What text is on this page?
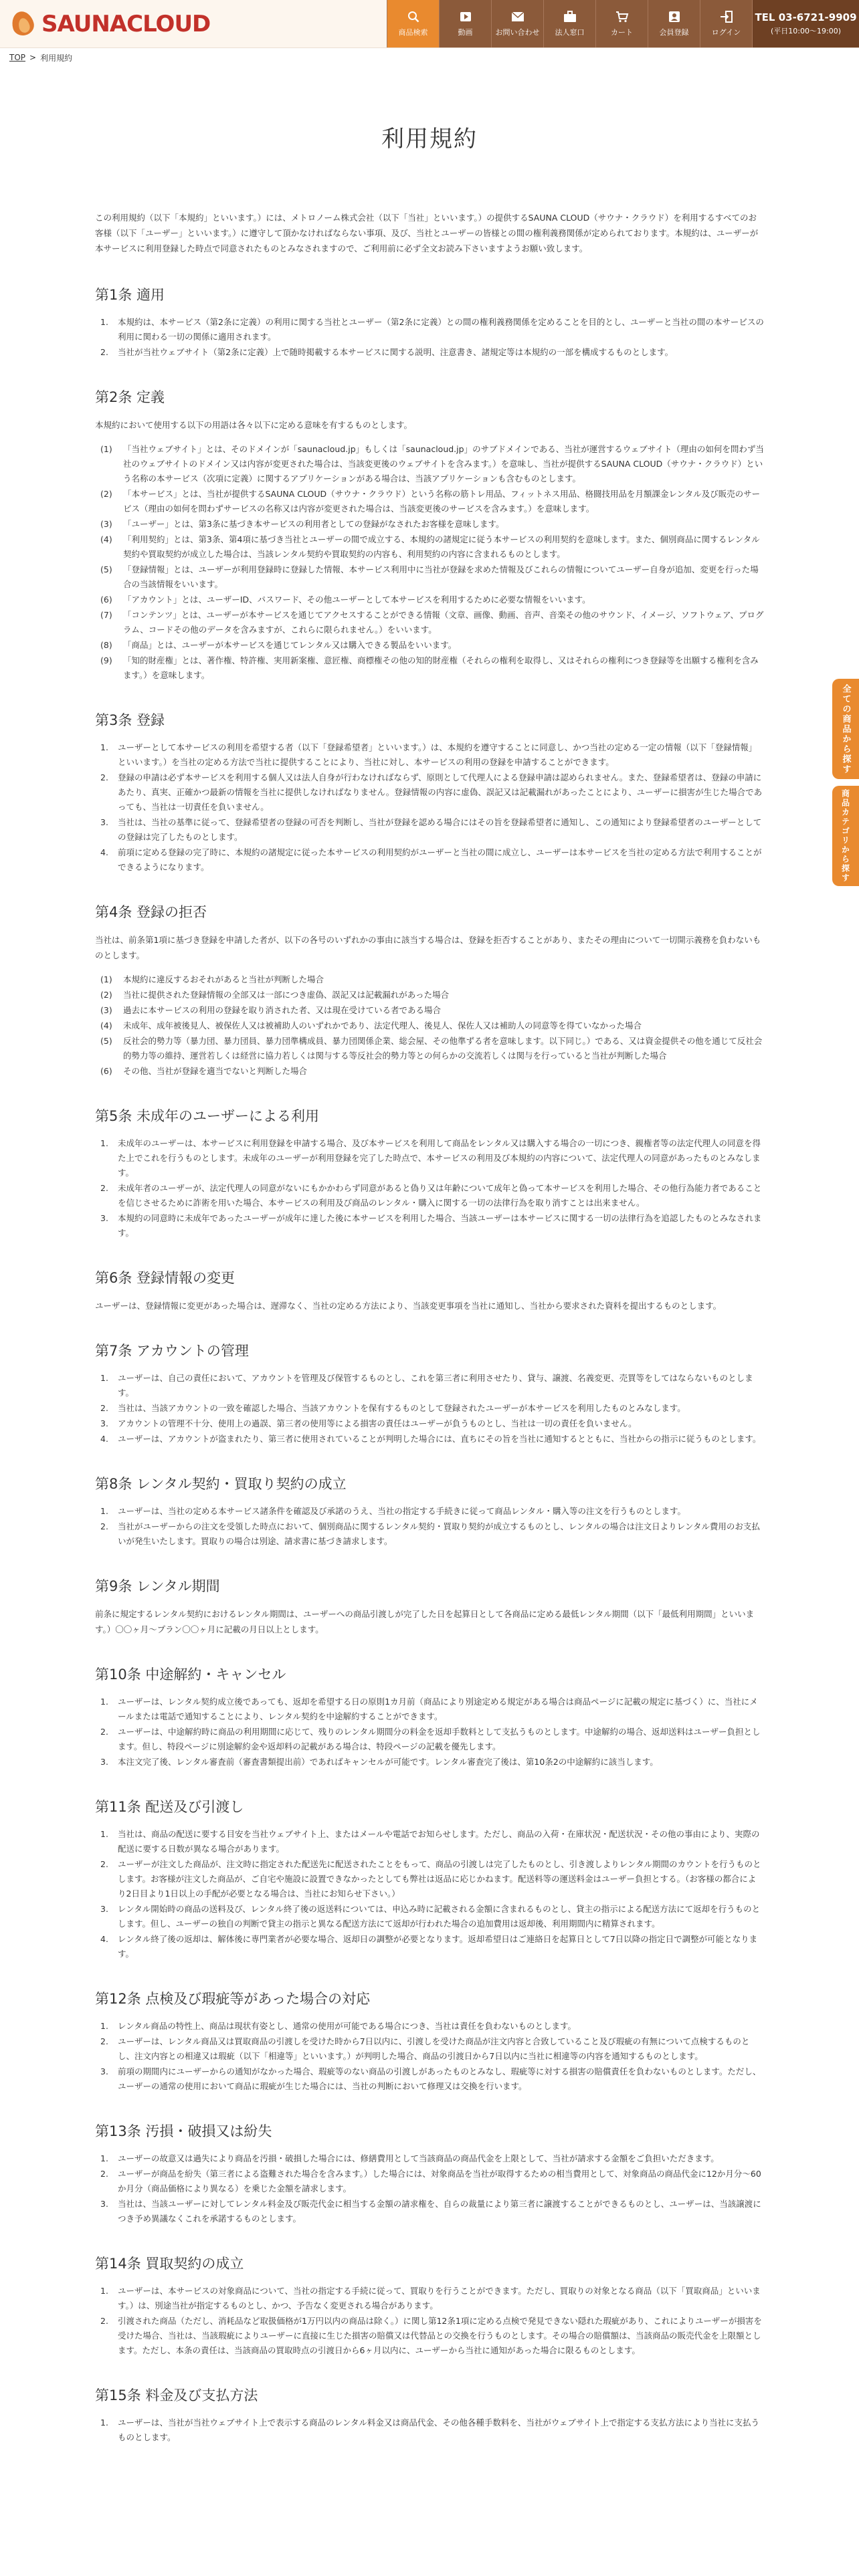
SAUNACLOUD	商品検索	動画	お問い合わせ 法人窓口	カート	会員登録	ログイン
TEL 03-6721-9909
(平日10:00〜19:00)
TOP > 利用規約
利用規約

この利用規約（以下「本規約」といいます。）には、メトロノーム株式会社（以下「当社」といいます。）の提供するSAUNA CLOUD（サウナ・クラウド）を利用するすべてのお客様（以下「ユーザー」といいます。）に遵守して頂かなければならない事項、及び、当社とユーザーの皆様との間の権利義務関係が定められております。本規約は、ユーザーが本サービスに利用登録した時点で同意されたものとみなされますので、ご利用前に必ず全文お読み下さいますようお願い致します。

第1条 適用
1. 本規約は、本サービス（第2条に定義）の利用に関する当社とユーザー（第2条に定義）との間の権利義務関係を定めることを目的とし、ユーザーと当社の間の本サービスの利用に関わる一切の関係に適用されます。
2. 当社が当社ウェブサイト（第2条に定義）上で随時掲載する本サービスに関する説明、注意書き、諸規定等は本規約の一部を構成するものとします。
第2条 定義

本規約において使用する以下の用語は各々以下に定める意味を有するものとします。

(1) 「当社ウェブサイト」とは、そのドメインが「saunacloud.jp」もしくは「saunacloud.jp」のサブドメインである、当社が運営するウェブサイト（理由の如何を問わず当社のウェブサイトのドメイン又は内容が変更された場合は、当該変更後のウェブサイトを含みます。）を意味し、当社が提供するSAUNA CLOUD（サウナ・クラウド）という名称の本サービス（次項に定義）に関するアプリケーションがある場合は、当該アプリケーションも含むものとします。
(2) 「本サービス」とは、当社が提供するSAUNA CLOUD（サウナ・クラウド）という名称の筋トレ用品、フィットネス用品、格闘技用品を月額課金レンタル及び販売のサービス（理由の如何を問わずサービスの名称又は内容が変更された場合は、当該変更後のサービスを含みます。）を意味します。
(3) 「ユーザー」とは、第3条に基づき本サービスの利用者としての登録がなされたお客様を意味します。
(4) 「利用契約」とは、第3条、第4項に基づき当社とユーザーの間で成立する、本規約の諸規定に従う本サービスの利用契約を意味します。また、個別商品に関するレンタル契約や買取契約が成立した場合は、当該レンタル契約や買取契約の内容も、利用契約の内容に含まれるものとします。
(5) 「登録情報」とは、ユーザーが利用登録時に登録した情報、本サービス利用中に当社が登録を求めた情報及びこれらの情報についてユーザー自身が追加、変更を行った場合の当該情報をいいます。
(6) 「アカウント」とは、ユーザーID、パスワード、その他ユーザーとして本サービスを利用するために必要な情報をいいます。
(7) 「コンテンツ」とは、ユーザーが本サービスを通じてアクセスすることができる情報（文章、画像、動画、音声、音楽その他のサウンド、イメージ、ソフトウェア、プログラム、コードその他のデータを含みますが、これらに限られません。）をいいます。
(8) 「商品」とは、ユーザーが本サービスを通じてレンタル又は購入できる製品をいいます。
(9) 「知的財産権」とは、著作権、特許権、実用新案権、意匠権、商標権その他の知的財産権（それらの権利を取得し、又はそれらの権利につき登録等を出願する権利を含みます。）を意味します。
第3条 登録
1. ユーザーとして本サービスの利用を希望する者（以下「登録希望者」といいます。）は、本規約を遵守することに同意し、かつ当社の定める一定の情報（以下「登録情報」といいます。）を当社の定める方法で当社に提供することにより、当社に対し、本サービスの利用の登録を申請することができます。
2. 登録の申請は必ず本サービスを利用する個人又は法人自身が行わなければならず、原則として代理人による登録申請は認められません。また、登録希望者は、登録の申請にあたり、真実、正確かつ最新の情報を当社に提供しなければなりません。登録情報の内容に虚偽、誤記又は記載漏れがあったことにより、ユーザーに損害が生じた場合であっても、当社は一切責任を負いません。
3. 当社は、当社の基準に従って、登録希望者の登録の可否を判断し、当社が登録を認める場合にはその旨を登録希望者に通知し、この通知により登録希望者のユーザーとしての登録は完了したものとします。
4. 前項に定める登録の完了時に、本規約の諸規定に従った本サービスの利用契約がユーザーと当社の間に成立し、ユーザーは本サービスを当社の定める方法で利用することができるようになります。
第4条 登録の拒否

当社は、前条第1項に基づき登録を申請した者が、以下の各号のいずれかの事由に該当する場合は、登録を拒否することがあり、またその理由について一切開示義務を負わないものとします。

(1) 本規約に違反するおそれがあると当社が判断した場合
(2) 当社に提供された登録情報の全部又は一部につき虚偽、誤記又は記載漏れがあった場合
(3) 過去に本サービスの利用の登録を取り消された者、又は現在受けている者である場合
(4) 未成年、成年被後見人、被保佐人又は被補助人のいずれかであり、法定代理人、後見人、保佐人又は補助人の同意等を得ていなかった場合
(5) 反社会的勢力等（暴力団、暴力団員、暴力団準構成員、暴力団関係企業、総会屋、その他準ずる者を意味します。以下同じ。）である、又は資金提供その他を通じて反社会的勢力等の維持、運営若しくは経営に協力若しくは関与する等反社会的勢力等との何らかの交流若しくは関与を行っていると当社が判断した場合
(6) その他、当社が登録を適当でないと判断した場合
第5条 未成年のユーザーによる利用
1. 未成年のユーザーは、本サービスに利用登録を申請する場合、及び本サービスを利用して商品をレンタル又は購入する場合の一切につき、親権者等の法定代理人の同意を得た上でこれを行うものとします。未成年のユーザーが利用登録を完了した時点で、本サービスの利用及び本規約の内容について、法定代理人の同意があったものとみなします。
2. 未成年者のユーザーが、法定代理人の同意がないにもかかわらず同意があると偽り又は年齢について成年と偽って本サービスを利用した場合、その他行為能力者であることを信じさせるために詐術を用いた場合、本サービスの利用及び商品のレンタル・購入に関する一切の法律行為を取り消すことは出来ません。
3. 本規約の同意時に未成年であったユーザーが成年に達した後に本サービスを利用した場合、当該ユーザーは本サービスに関する一切の法律行為を追認したものとみなされます。
第6条 登録情報の変更

ユーザーは、登録情報に変更があった場合は、遅滞なく、当社の定める方法により、当該変更事項を当社に通知し、当社から要求された資料を提出するものとします。

第7条 アカウントの管理
1. ユーザーは、自己の責任において、アカウントを管理及び保管するものとし、これを第三者に利用させたり、貸与、譲渡、名義変更、売買等をしてはならないものとします。
2. 当社は、当該アカウントの一致を確認した場合、当該アカウントを保有するものとして登録されたユーザーが本サービスを利用したものとみなします。
3. アカウントの管理不十分、使用上の過誤、第三者の使用等による損害の責任はユーザーが負うものとし、当社は一切の責任を負いません。
4. ユーザーは、アカウントが盗まれたり、第三者に使用されていることが判明した場合には、直ちにその旨を当社に通知するとともに、当社からの指示に従うものとします。
第8条 レンタル契約・買取り契約の成立
1. ユーザーは、当社の定める本サービス諸条件を確認及び承諾のうえ、当社の指定する手続きに従って商品レンタル・購入等の注文を行うものとします。
2. 当社がユーザーからの注文を受領した時点において、個別商品に関するレンタル契約・買取り契約が成立するものとし、レンタルの場合は注文日よりレンタル費用のお支払いが発生いたします。買取りの場合は別途、請求書に基づき請求します。
第9条 レンタル期間

前条に規定するレンタル契約におけるレンタル期間は、ユーザーへの商品引渡しが完了した日を起算日として各商品に定める最低レンタル期間（以下「最低利用期間」といいます。）〇〇ヶ月〜プラン〇〇ヶ月に記載の月日以上とします。

第10条 中途解約・キャンセル
1. ユーザーは、レンタル契約成立後であっても、返却を希望する日の原則1カ月前（商品により別途定める規定がある場合は商品ページに記載の規定に基づく）に、当社にメールまたは電話で通知することにより、レンタル契約を中途解約することができます。
2. ユーザーは、中途解約時に商品の利用期間に応じて、残りのレンタル期間分の料金を返却手数料として支払うものとします。中途解約の場合、返却送料はユーザー負担とします。但し、特段ページに別途解約金や返却料の記載がある場合は、特段ページの記載を優先します。
3. 本注文完了後、レンタル審査前（審査書類提出前）であればキャンセルが可能です。レンタル審査完了後は、第10条2の中途解約に該当します。
第11条 配送及び引渡し
1. 当社は、商品の配送に要する目安を当社ウェブサイト上、またはメールや電話でお知らせします。ただし、商品の入荷・在庫状況・配送状況・その他の事由により、実際の配送に要する日数が異なる場合があります。
2. ユーザーが注文した商品が、注文時に指定された配送先に配送されたことをもって、商品の引渡しは完了したものとし、引き渡しよりレンタル期間のカウントを行うものとします。お客様が注文した商品が、ご自宅や施設に設置できなかったとしても弊社は返品に応じかねます。配送料等の運送料金はユーザー負担とする。（お客様の都合により2日目より1日以上の手配が必要となる場合は、当社にお知らせ下さい。）
3. レンタル開始時の商品の送料及び、レンタル終了後の返送料については、申込み時に記載される金額に含まれるものとし、貸主の指示による配送方法にて返却を行うものとします。但し、ユーザーの独自の判断で貸主の指示と異なる配送方法にて返却が行われた場合の追加費用は返却後、利用期間内に精算されます。
4. レンタル終了後の返却は、解体後に専門業者が必要な場合、返却日の調整が必要となります。返却希望日はご連絡日を起算日として7日以降の指定日で調整が可能となります。
第12条 点検及び瑕疵等があった場合の対応
1. レンタル商品の特性上、商品は現状有姿とし、通常の使用が可能である場合につき、当社は責任を負わないものとします。
2. ユーザーは、レンタル商品又は買取商品の引渡しを受けた時から7日以内に、引渡しを受けた商品が注文内容と合致していること及び瑕疵の有無について点検するものとし、注文内容との相違又は瑕疵（以下「相違等」といいます。）が判明した場合、商品の引渡日から7日以内に当社に相違等の内容を通知するものとします。
3. 前項の期間内にユーザーからの通知がなかった場合、瑕疵等のない商品の引渡しがあったものとみなし、瑕疵等に対する損害の賠償責任を負わないものとします。ただし、ユーザーの通常の使用において商品に瑕疵が生じた場合には、当社の判断において修理又は交換を行います。
第13条 汚損・破損又は紛失
1. ユーザーの故意又は過失により商品を汚損・破損した場合には、修繕費用として当該商品の商品代金を上限として、当社が請求する金額をご負担いただきます。
2. ユーザーが商品を紛失（第三者による盗難された場合を含みます。）した場合には、対象商品を当社が取得するための相当費用として、対象商品の商品代金に12か月分〜60か月分（商品価格により異なる）を乗じた金額を請求します。
3. 当社は、当該ユーザーに対してレンタル料金及び販売代金に相当する金額の請求権を、自らの裁量により第三者に譲渡することができるものとし、ユーザーは、当該譲渡につき予め異議なくこれを承諾するものとします。
第14条 買取契約の成立
1. ユーザーは、本サービスの対象商品について、当社の指定する手続に従って、買取りを行うことができます。ただし、買取りの対象となる商品（以下「買取商品」といいます。）は、別途当社が指定するものとし、かつ、予告なく変更される場合があります。
2. 引渡された商品（ただし、消耗品など取扱価格が1万円以内の商品は除く。）に関し第12条1項に定める点検で発見できない隠れた瑕疵があり、これによりユーザーが損害を受けた場合、当社は、当該瑕疵によりユーザーに直接に生じた損害の賠償又は代替品との交換を行うものとします。その場合の賠償額は、当該商品の販売代金を上限額とします。ただし、本条の責任は、当該商品の買取時点の引渡日から6ヶ月以内に、ユーザーから当社に通知があった場合に限るものとします。
第15条 料金及び支払方法
1. ユーザーは、当社が当社ウェブサイト上で表示する商品のレンタル料金又は商品代金、その他各種手数料を、当社がウェブサイト上で指定する支払方法により当社に支払うものとします。
全ての商品から探す
商品カテゴリから探す
